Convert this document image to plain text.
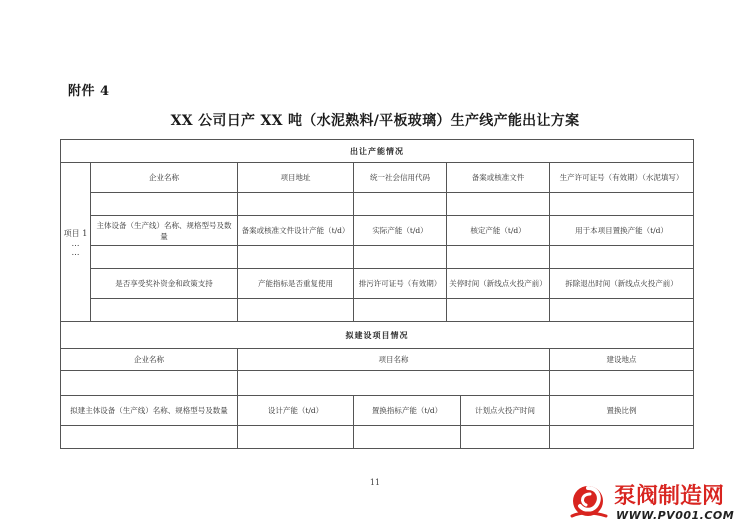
附件 4
XX 公司日产 XX 吨（水泥熟料/平板玻璃）生产线产能出让方案
出让产能情况						
项目 1
…
…	企业名称	项目地址	统一社会信用代码	备案或核准文件		生产许可证号（有效期）（水泥填写）

	主体设备（生产线）名称、规格型号及数量	备案或核准文件设计产能（t/d）	实际产能（t/d）	核定产能（t/d）		用于本项目置换产能（t/d）

	是否享受奖补资金和政策支持	产能指标是否重复使用	排污许可证号（有效期）	关停时间（新线点火投产前）		拆除退出时间（新线点火投产前）

拟建设项目情况						
企业名称		项目名称				建设地点

拟建主体设备（生产线）名称、规格型号及数量		设计产能（t/d）	置换指标产能（t/d）		计划点火投产时间	置换比例

11
泵阀制造网
WWW.PV001.COM
